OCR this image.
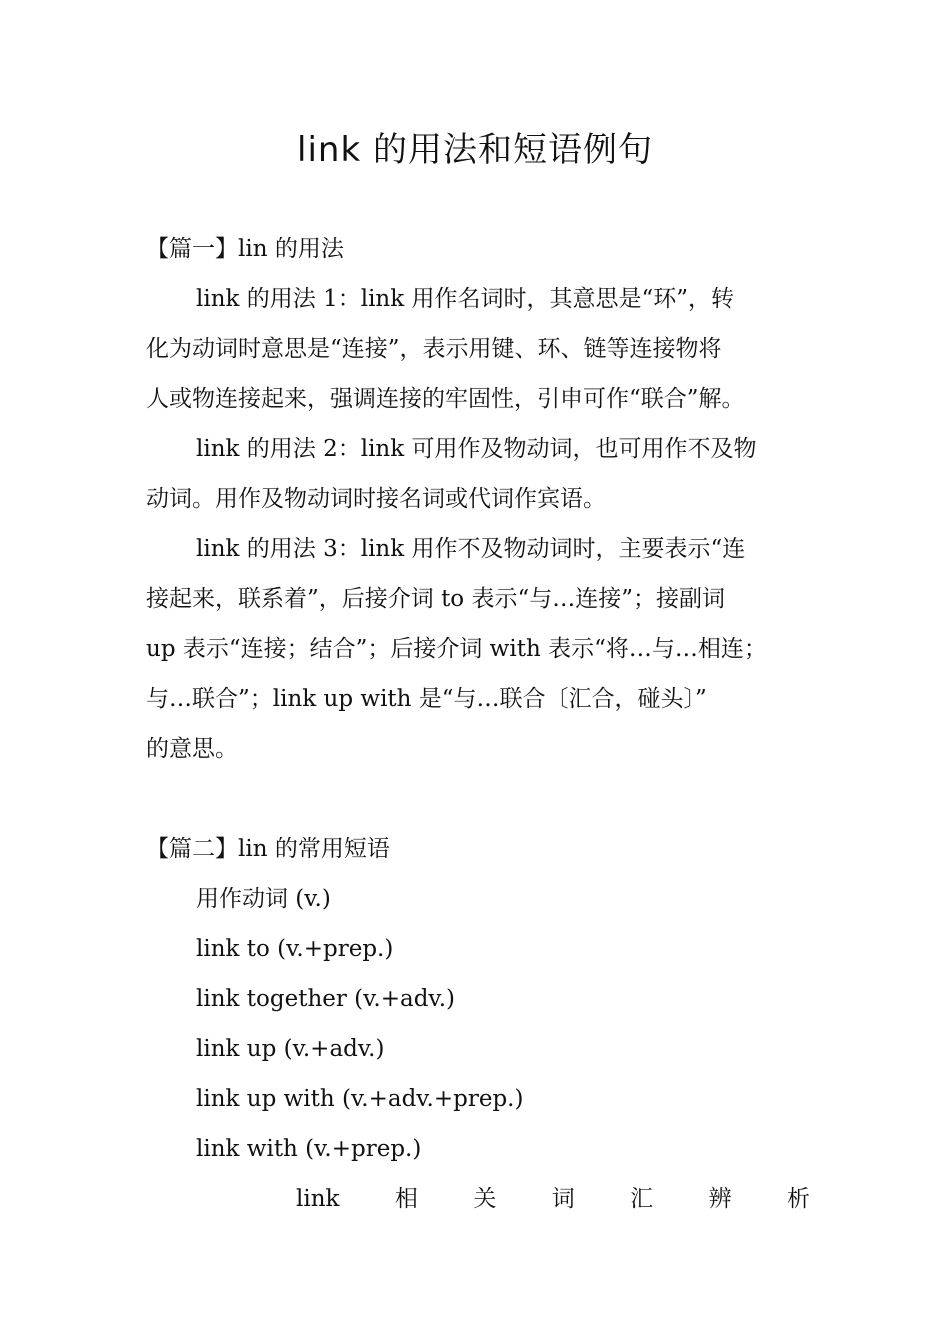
link 的用法和短语例句
【篇一】lin 的用法
link 的用法 1：link 用作名词时，其意思是“环”，转
化为动词时意思是“连接”，表示用键、环、链等连接物将
人或物连接起来，强调连接的牢固性，引申可作“联合”解。
link 的用法 2：link 可用作及物动词，也可用作不及物
动词。用作及物动词时接名词或代词作宾语。
link 的用法 3：link 用作不及物动词时，主要表示“连
接起来，联系着”，后接介词 to 表示“与…连接”；接副词
up 表示“连接；结合”；后接介词 with 表示“将…与…相连；
与…联合”；link up with 是“与…联合〔汇合，碰头〕”
的意思。
【篇二】lin 的常用短语
用作动词 (v.)
link to (v.+prep.)
link together (v.+adv.)
link up (v.+adv.)
link up with (v.+adv.+prep.)
link with (v.+prep.)
link 相 关 词 汇 辨 析
